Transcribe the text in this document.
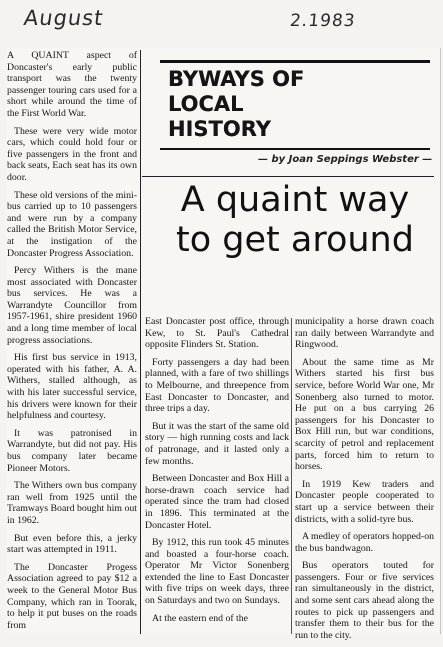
August	2.1983
BYWAYS OF
LOCAL
HISTORY
— by Joan Seppings Webster —
A quaint way
to get around

A QUAINT aspect of Doncaster's early public transport was the twenty passenger touring cars used for a short while around the time of the First World War.

These were very wide motor cars, which could hold four or five passengers in the front and back seats, Each seat has its own door.

These old versions of the mini-bus carried up to 10 passengers and were run by a company called the British Motor Service, at the instigation of the Doncaster Progress Association.

Percy Withers is the mane most associated with Doncaster bus services. He was a Warrandyte Councillor from 1957-1961, shire president 1960 and a long time member of local progress associations.

His first bus service in 1913, operated with his father, A. A. Withers, stalled although, as with his later successful service, his drivers were known for their helpfulness and courtesy.

It was patronised in Warrandyte, but did not pay. His bus company later became Pioneer Motors.

The Withers own bus company ran well from 1925 until the Tramways Board bought him out in 1962.

But even before this, a jerky start was attempted in 1911.

The Doncaster Progess Association agreed to pay $12 a week to the General Motor Bus Company, which ran in Toorak, to help it put buses on the roads from

East Doncaster post office, through Kew, to St. Paul's Cathedral opposite Flinders St. Station.

Forty passengers a day had been planned, with a fare of two shillings to Melbourne, and threepence from East Doncaster to Doncaster, and three trips a day.

But it was the start of the same old story — high running costs and lack of patronage, and it lasted only a few months.

Between Doncaster and Box Hill a horse-drawn coach service had operated since the tram had closed in 1896. This terminated at the Doncaster Hotel.

By 1912, this run took 45 minutes and boasted a four-horse coach. Operator Mr Victor Sonenberg extended the line to East Doncaster with five trips on week days, three on Saturdays and two on Sundays.

At the eastern end of the

municipality a horse drawn coach ran daily between Warrandyte and Ringwood.

About the same time as Mr Withers started his first bus service, before World War one, Mr Sonenberg also turned to motor. He put on a bus carrying 26 passengers for his Doncaster to Box Hill run, but war conditions, scarcity of petrol and replacement parts, forced him to return to horses.

In 1919 Kew traders and Doncaster people cooperated to start up a service between their districts, with a solid-tyre bus.

A medley of operators hopped-on the bus bandwagon.

Bus operators touted for passengers. Four or five services ran simultaneously in the district, and some sent cars ahead along the routes to pick up passengers and transfer them to their bus for the run to the city.
